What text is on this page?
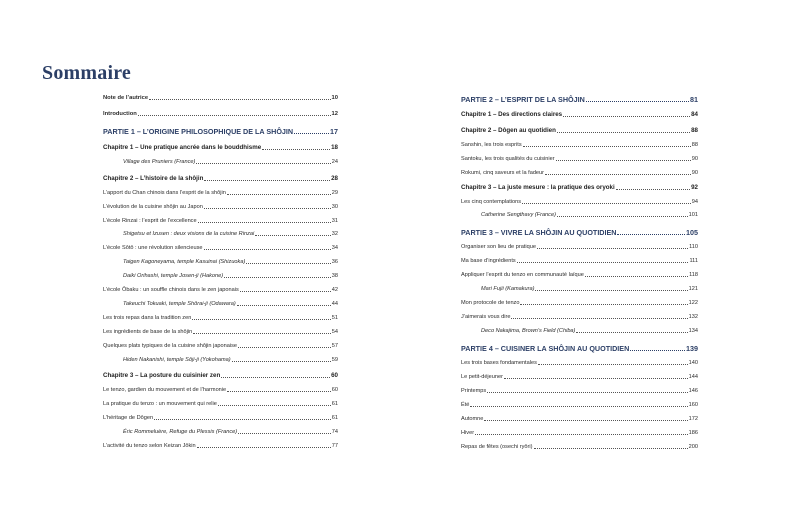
Sommaire
Note de l’autrice	10
Introduction	12
PARTIE 1 – L’ORIGINE PHILOSOPHIQUE DE LA SHÔJIN	17
Chapitre 1 – Une pratique ancrée dans le bouddhisme	18
Village des Pruniers (France)	24
Chapitre 2 – L’histoire de la shôjin	28
L’apport du Chan chinois dans l’esprit de la shôjin	29
L’évolution de la cuisine shôjin au Japon	30
L’école Rinzai : l’esprit de l’excellence	31
Shigetsu et Izusen : deux visions de la cuisine Rinzai	32
L’école Sôtô : une révolution silencieuse	34
Taigen Kagoneyama, temple Kasuinai (Shizuoka)	36
Daiki Orihashi, temple Josen-ji (Hakone)	38
L’école Ôbaku : un souffle chinois dans le zen japonais	42
Takeuchi Tokuaki, temple Shôrai-ji (Odawara)	44
Les trois repas dans la tradition zen	51
Les ingrédients de base de la shôjin	54
Quelques plats typiques de la cuisine shôjin japonaise	57
Hiden Nakanishi, temple Sôji-ji (Yokohama)	59
Chapitre 3 – La posture du cuisinier zen	60
Le tenzo, gardien du mouvement et de l’harmonie	60
La pratique du tenzo : un mouvement qui relie	61
L’héritage de Dôgen	61
Éric Rommeluère, Refuge du Plessis (France)	74
L’activité du tenzo selon Keizan Jôkin	77
PARTIE 2 – L’ESPRIT DE LA SHÔJIN	81
Chapitre 1 – Des directions claires	84
Chapitre 2 – Dôgen au quotidien	88
Sanshin, les trois esprits	88
Santoku, les trois qualités du cuisinier	90
Rokumi, cinq saveurs et la fadeur	90
Chapitre 3 – La juste mesure : la pratique des oryoki	92
Les cinq contemplations	94
Catherine Sengthavy (France)	101
PARTIE 3 – VIVRE LA SHÔJIN AU QUOTIDIEN	105
Organiser son lieu de pratique	110
Ma base d’ingrédients	111
Appliquer l’esprit du tenzo en communauté laïque	118
Mari Fujii (Kamakura)	121
Mon protocole de tenzo	122
J’aimerais vous dire	132
Deco Nakajima, Brown’s Field (Chiba)	134
PARTIE 4 – CUISINER LA SHÔJIN AU QUOTIDIEN	139
Les trois bases fondamentales	140
Le petit-déjeuner	144
Printemps	146
Été	160
Automne	172
Hiver	186
Repas de fêtes (osechi ryôri)	200
